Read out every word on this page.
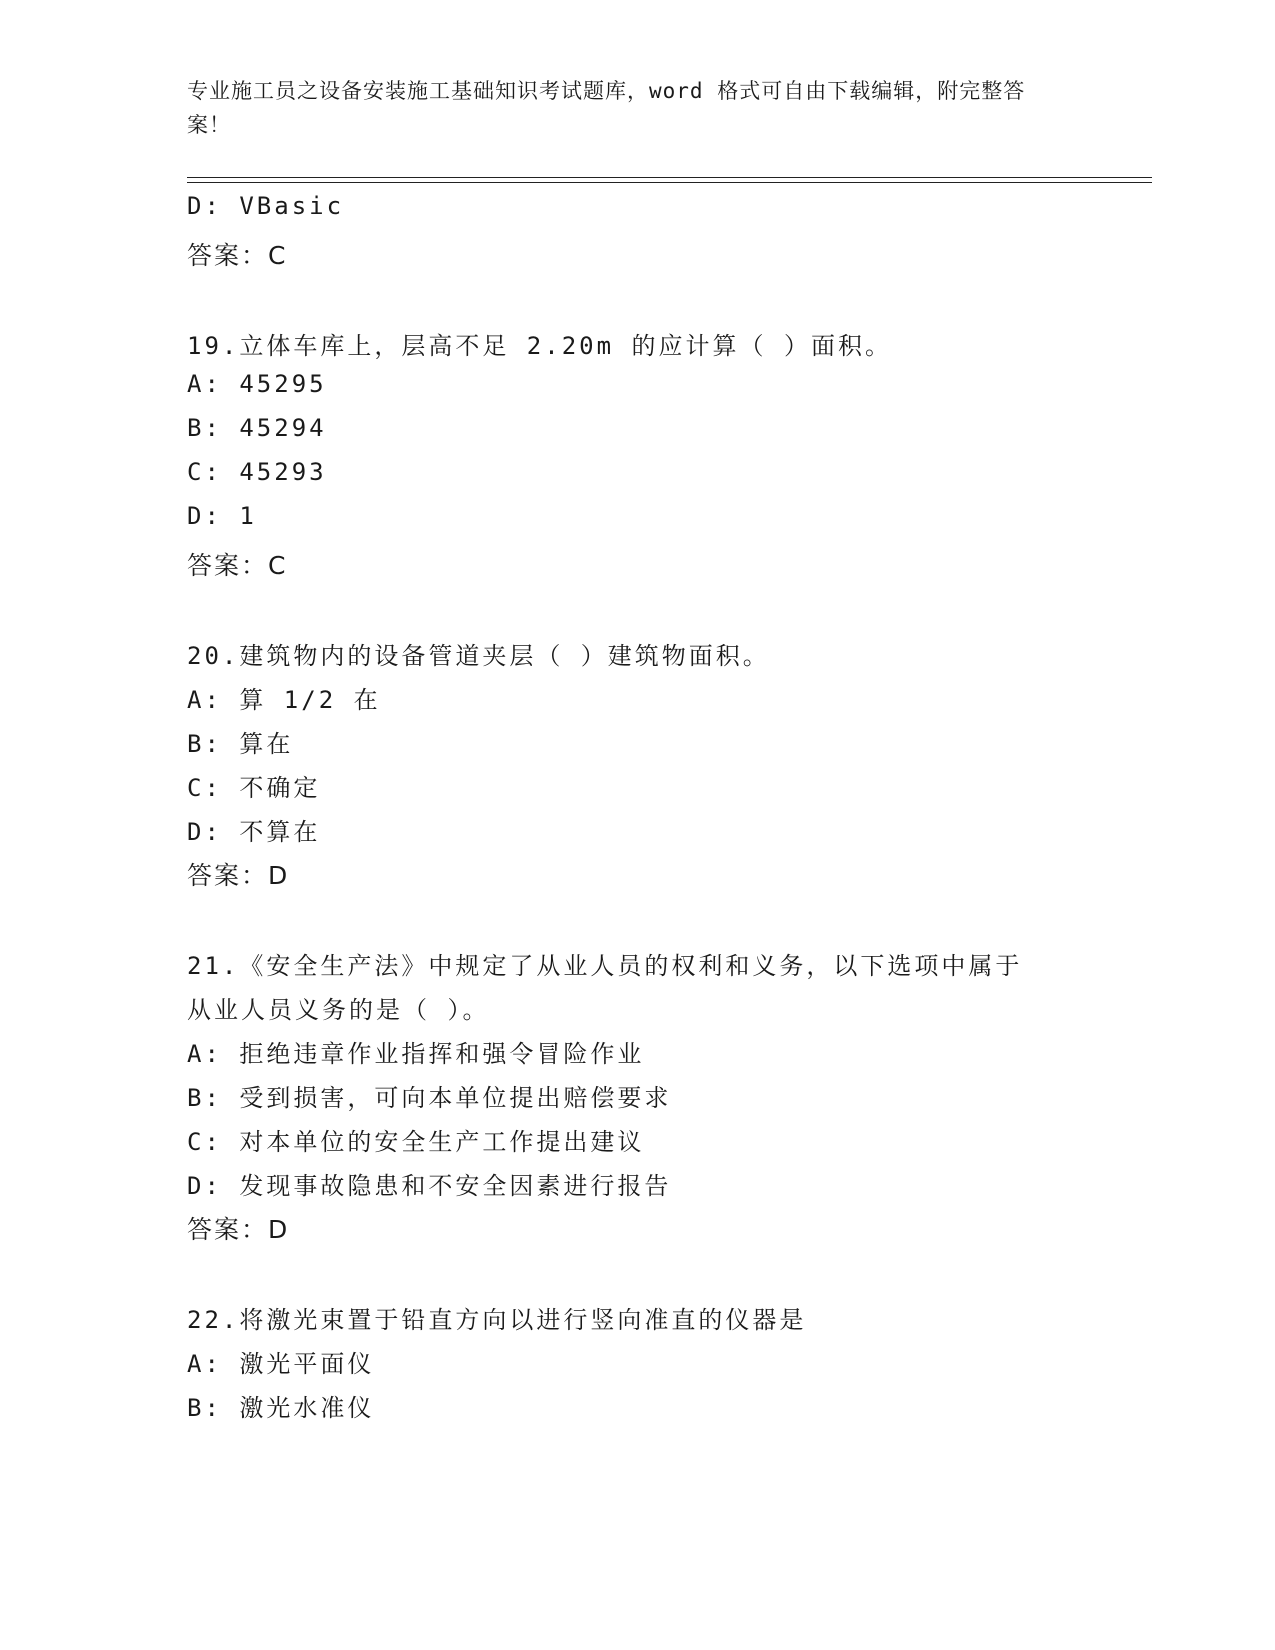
专业施工员之设备安装施工基础知识考试题库，word 格式可自由下载编辑，附完整答案！
D: VBasic
答案：C
19.立体车库上，层高不足 2.20m 的应计算（ ）面积。
A: 45295
B: 45294
C: 45293
D: 1
答案：C
20.建筑物内的设备管道夹层（ ）建筑物面积。
A: 算 1/2 在
B: 算在
C: 不确定
D: 不算在
答案：D
21.《安全生产法》中规定了从业人员的权利和义务，以下选项中属于
从业人员义务的是（ ）。
A: 拒绝违章作业指挥和强令冒险作业
B: 受到损害，可向本单位提出赔偿要求
C: 对本单位的安全生产工作提出建议
D: 发现事故隐患和不安全因素进行报告
答案：D
22.将激光束置于铅直方向以进行竖向准直的仪器是
A: 激光平面仪
B: 激光水准仪
